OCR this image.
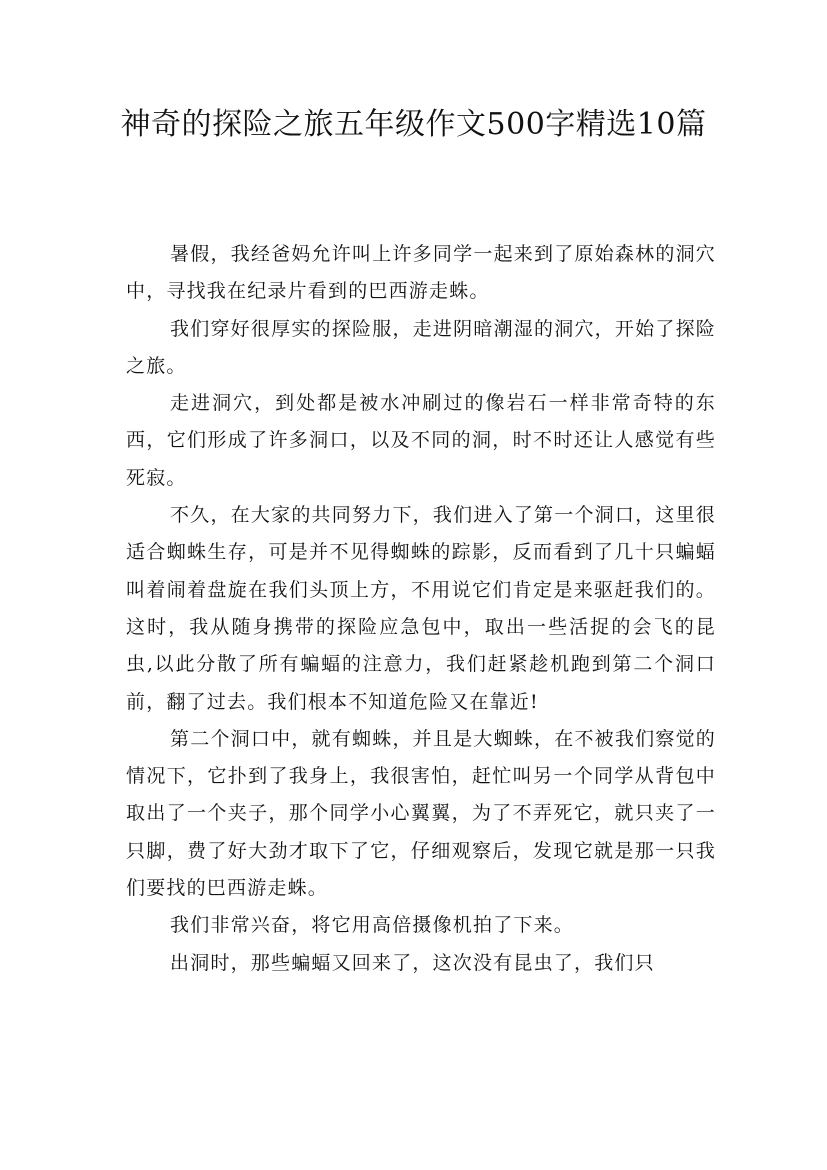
神奇的探险之旅五年级作文500字精选10篇

暑假，我经爸妈允许叫上许多同学一起来到了原始森林的洞穴中，寻找我在纪录片看到的巴西游走蛛。

我们穿好很厚实的探险服，走进阴暗潮湿的洞穴，开始了探险之旅。

走进洞穴，到处都是被水冲刷过的像岩石一样非常奇特的东西，它们形成了许多洞口，以及不同的洞，时不时还让人感觉有些死寂。

不久，在大家的共同努力下，我们进入了第一个洞口，这里很适合蜘蛛生存，可是并不见得蜘蛛的踪影，反而看到了几十只蝙蝠叫着闹着盘旋在我们头顶上方，不用说它们肯定是来驱赶我们的。这时，我从随身携带的探险应急包中，取出一些活捉的会飞的昆虫,以此分散了所有蝙蝠的注意力，我们赶紧趁机跑到第二个洞口前，翻了过去。我们根本不知道危险又在靠近!

第二个洞口中，就有蜘蛛，并且是大蜘蛛，在不被我们察觉的情况下，它扑到了我身上，我很害怕，赶忙叫另一个同学从背包中取出了一个夹子，那个同学小心翼翼，为了不弄死它，就只夹了一只脚，费了好大劲才取下了它，仔细观察后，发现它就是那一只我们要找的巴西游走蛛。

我们非常兴奋，将它用高倍摄像机拍了下来。

出洞时，那些蝙蝠又回来了，这次没有昆虫了，我们只
